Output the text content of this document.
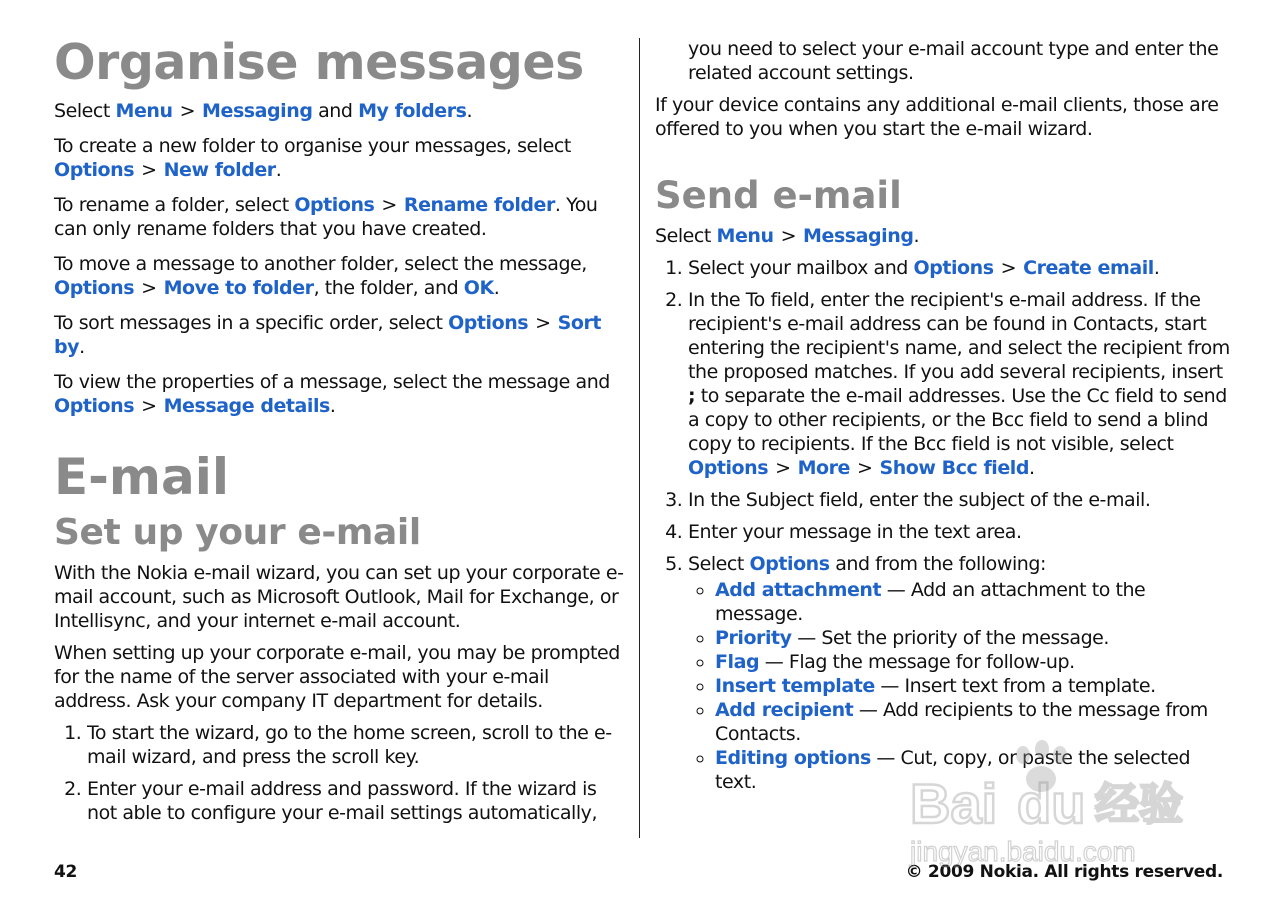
Organise messages

Select Menu > Messaging and My folders.

To create a new folder to organise your messages, select Options > New folder.

To rename a folder, select Options > Rename folder. You can only rename folders that you have created.

To move a message to another folder, select the message, Options > Move to folder, the folder, and OK.

To sort messages in a specific order, select Options > Sort by.

To view the properties of a message, select the message and Options > Message details.

E-mail
Set up your e-mail

With the Nokia e-mail wizard, you can set up your corporate e-mail account, such as Microsoft Outlook, Mail for Exchange, or Intellisync, and your internet e-mail account.

When setting up your corporate e-mail, you may be prompted for the name of the server associated with your e-mail address. Ask your company IT department for details.

1. To start the wizard, go to the home screen, scroll to the e-mail wizard, and press the scroll key.
2. Enter your e-mail address and password. If the wizard is not able to configure your e-mail settings automatically,

you need to select your e-mail account type and enter the related account settings.

If your device contains any additional e-mail clients, those are offered to you when you start the e-mail wizard.

Send e-mail

Select Menu > Messaging.

1. Select your mailbox and Options > Create email.
2. In the To field, enter the recipient's e-mail address. If the recipient's e-mail address can be found in Contacts, start entering the recipient's name, and select the recipient from the proposed matches. If you add several recipients, insert ; to separate the e-mail addresses. Use the Cc field to send a copy to other recipients, or the Bcc field to send a blind copy to recipients. If the Bcc field is not visible, select Options > More > Show Bcc field.
3. In the Subject field, enter the subject of the e-mail.
4. Enter your message in the text area.
5. Select Options and from the following:
◦ Add attachment — Add an attachment to the message.
◦ Priority — Set the priority of the message.
◦ Flag — Flag the message for follow-up.
◦ Insert template — Insert text from a template.
◦ Add recipient — Add recipients to the message from Contacts.
◦ Editing options — Cut, copy, or paste the selected text.
42	© 2009 Nokia. All rights reserved.
Bai du 经验
jingyan.baidu.com
